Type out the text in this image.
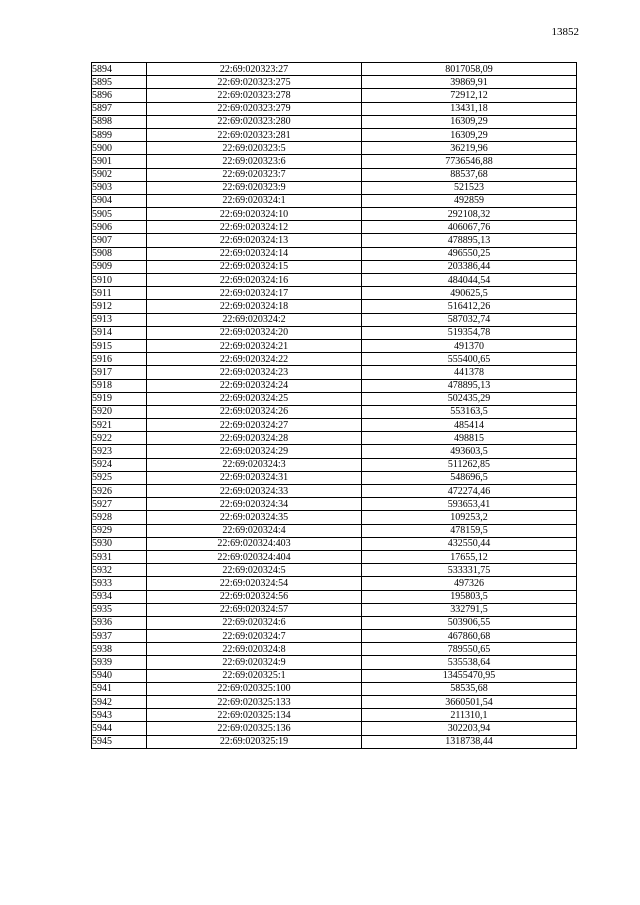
13852
5894	22:69:020323:27	8017058,09
5895	22:69:020323:275	39869,91
5896	22:69:020323:278	72912,12
5897	22:69:020323:279	13431,18
5898	22:69:020323:280	16309,29
5899	22:69:020323:281	16309,29
5900	22:69:020323:5	36219,96
5901	22:69:020323:6	7736546,88
5902	22:69:020323:7	88537,68
5903	22:69:020323:9	521523
5904	22:69:020324:1	492859
5905	22:69:020324:10	292108,32
5906	22:69:020324:12	406067,76
5907	22:69:020324:13	478895,13
5908	22:69:020324:14	496550,25
5909	22:69:020324:15	203386,44
5910	22:69:020324:16	484044,54
5911	22:69:020324:17	490625,5
5912	22:69:020324:18	516412,26
5913	22:69:020324:2	587032,74
5914	22:69:020324:20	519354,78
5915	22:69:020324:21	491370
5916	22:69:020324:22	555400,65
5917	22:69:020324:23	441378
5918	22:69:020324:24	478895,13
5919	22:69:020324:25	502435,29
5920	22:69:020324:26	553163,5
5921	22:69:020324:27	485414
5922	22:69:020324:28	498815
5923	22:69:020324:29	493603,5
5924	22:69:020324:3	511262,85
5925	22:69:020324:31	548696,5
5926	22:69:020324:33	472274,46
5927	22:69:020324:34	593653,41
5928	22:69:020324:35	109253,2
5929	22:69:020324:4	478159,5
5930	22:69:020324:403	432550,44
5931	22:69:020324:404	17655,12
5932	22:69:020324:5	533331,75
5933	22:69:020324:54	497326
5934	22:69:020324:56	195803,5
5935	22:69:020324:57	332791,5
5936	22:69:020324:6	503906,55
5937	22:69:020324:7	467860,68
5938	22:69:020324:8	789550,65
5939	22:69:020324:9	535538,64
5940	22:69:020325:1	13455470,95
5941	22:69:020325:100	58535,68
5942	22:69:020325:133	3660501,54
5943	22:69:020325:134	211310,1
5944	22:69:020325:136	302203,94
5945	22:69:020325:19	1318738,44
